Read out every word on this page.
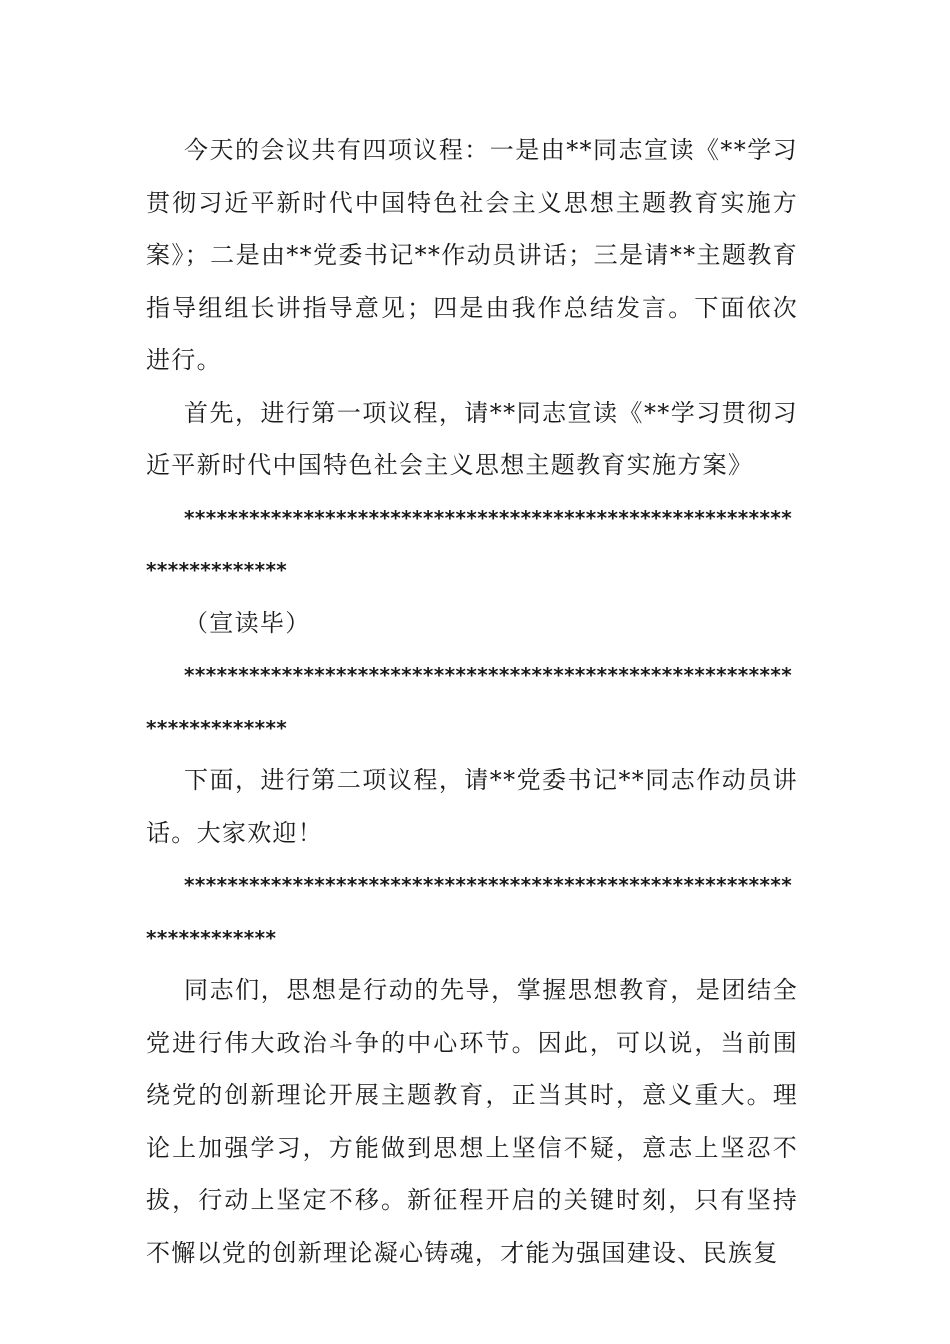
今天的会议共有四项议程：一是由**同志宣读《**学习贯彻习近平新时代中国特色社会主义思想主题教育实施方案》；二是由**党委书记**作动员讲话；三是请**主题教育指导组组长讲指导意见；四是由我作总结发言。下面依次进行。

首先，进行第一项议程，请**同志宣读《**学习贯彻习近平新时代中国特色社会主义思想主题教育实施方案》

*********************************************************************

（宣读毕）

*********************************************************************

下面，进行第二项议程，请**党委书记**同志作动员讲话。大家欢迎！

********************************************************************

同志们，思想是行动的先导，掌握思想教育，是团结全党进行伟大政治斗争的中心环节。因此，可以说，当前围绕党的创新理论开展主题教育，正当其时，意义重大。理论上加强学习，方能做到思想上坚信不疑，意志上坚忍不拔，行动上坚定不移。新征程开启的关键时刻，只有坚持不懈以党的创新理论凝心铸魂，才能为强国建设、民族复
